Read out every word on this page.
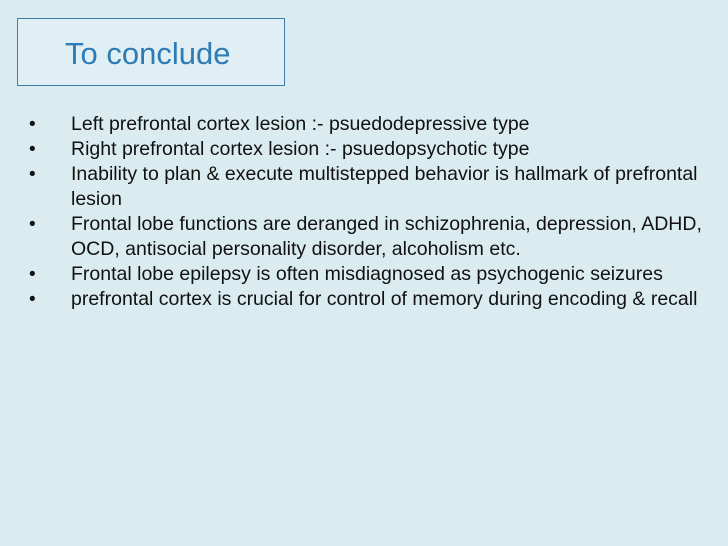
To conclude
•	Left prefrontal cortex lesion :- psuedodepressive type
•	Right prefrontal cortex lesion :- psuedopsychotic type
•	Inability to plan & execute multistepped behavior is hallmark of prefrontal lesion
•	Frontal lobe functions are deranged in schizophrenia, depression, ADHD, OCD, antisocial personality disorder, alcoholism etc.
•	Frontal lobe epilepsy is often misdiagnosed as psychogenic seizures
•	prefrontal cortex is crucial for control of memory during encoding & recall
